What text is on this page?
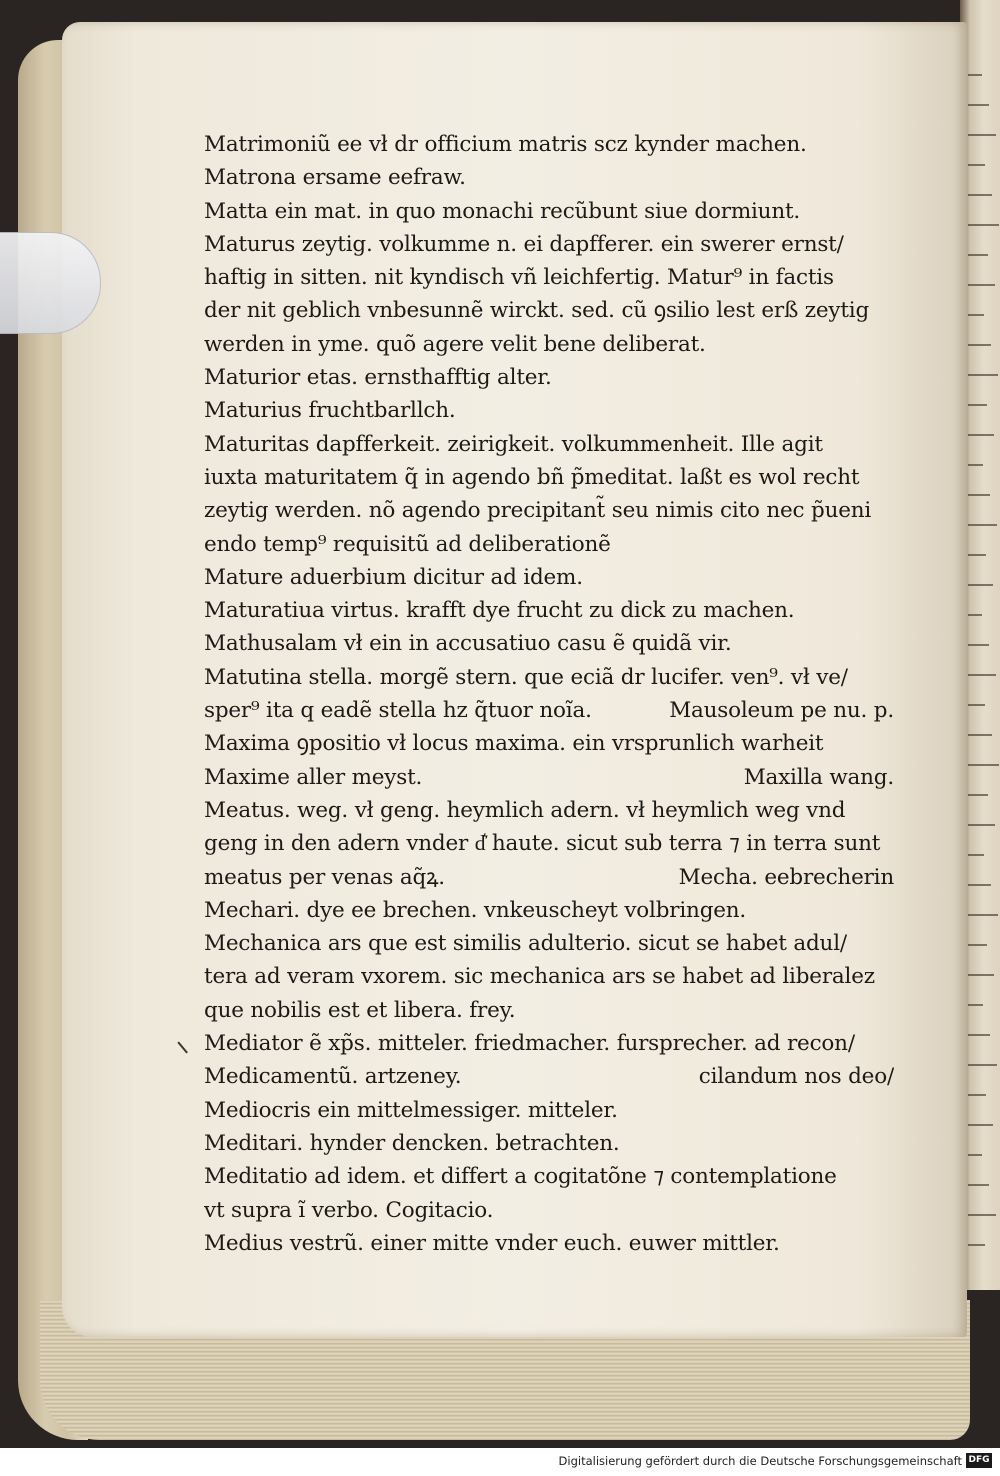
Matrimoniũ ee vł dr officium matris scz kynder machen.
Matrona ersame eefraw.
Matta ein mat. in quo monachi recũbunt siue dormiunt.
Maturus zeytig. volkumme n. ei dapfferer. ein swerer ernst/
haftig in sitten. nit kyndisch vñ leichfertig. Matur⁹ in factis
der nit geblich vnbesunnẽ wirckt. sed. cũ ꝯsilio lest erß zeytig
werden in yme. quõ agere velit bene deliberat.
Maturior etas. ernsthafftig alter.
Maturius fruchtbarllch.
Maturitas dapfferkeit. zeirigkeit. volkummenheit. Ille agit
iuxta maturitatem q̃ in agendo bñ p̃meditat. laßt es wol recht
zeytig werden. nõ agendo precipitant̃ seu nimis cito nec p̃ueni
endo temp⁹ requisitũ ad deliberationẽ
Mature aduerbium dicitur ad idem.
Maturatiua virtus. krafft dye frucht zu dick zu machen.
Mathusalam vł ein in accusatiuo casu ẽ quidã vir.
Matutina stella. morgẽ stern. que eciã dr lucifer. ven⁹. vł ve/
sper⁹ ita q eadẽ stella hz q̃tuor noĩa.	Mausoleum pe nu. p.
Maxima ꝯpositio vł locus maxima. ein vrsprunlich warheit
Maxime aller meyst.	Maxilla wang.
Meatus. weg. vł geng. heymlich adern. vł heymlich weg vnd
geng in den adern vnder d͛ haute. sicut sub terra ⁊ in terra sunt
meatus per venas aq̃ꝝ.	Mecha. eebrecherin
Mechari. dye ee brechen. vnkeuscheyt volbringen.
Mechanica ars que est similis adulterio. sicut se habet adul/
tera ad veram vxorem. sic mechanica ars se habet ad liberalez
que nobilis est et libera. frey.
Mediator ẽ xp̃s. mitteler. friedmacher. fursprecher. ad recon/
Medicamentũ. artzeney.	cilandum nos deo/
Mediocris ein mittelmessiger. mitteler.
Meditari. hynder dencken. betrachten.
Meditatio ad idem. et differt a cogitatõne ⁊ contemplatione
vt supra ĩ verbo. Cogitacio.
Medius vestrũ. einer mitte vnder euch. euwer mittler.
Digitalisierung gefördert durch die Deutsche Forschungsgemeinschaft DFG
